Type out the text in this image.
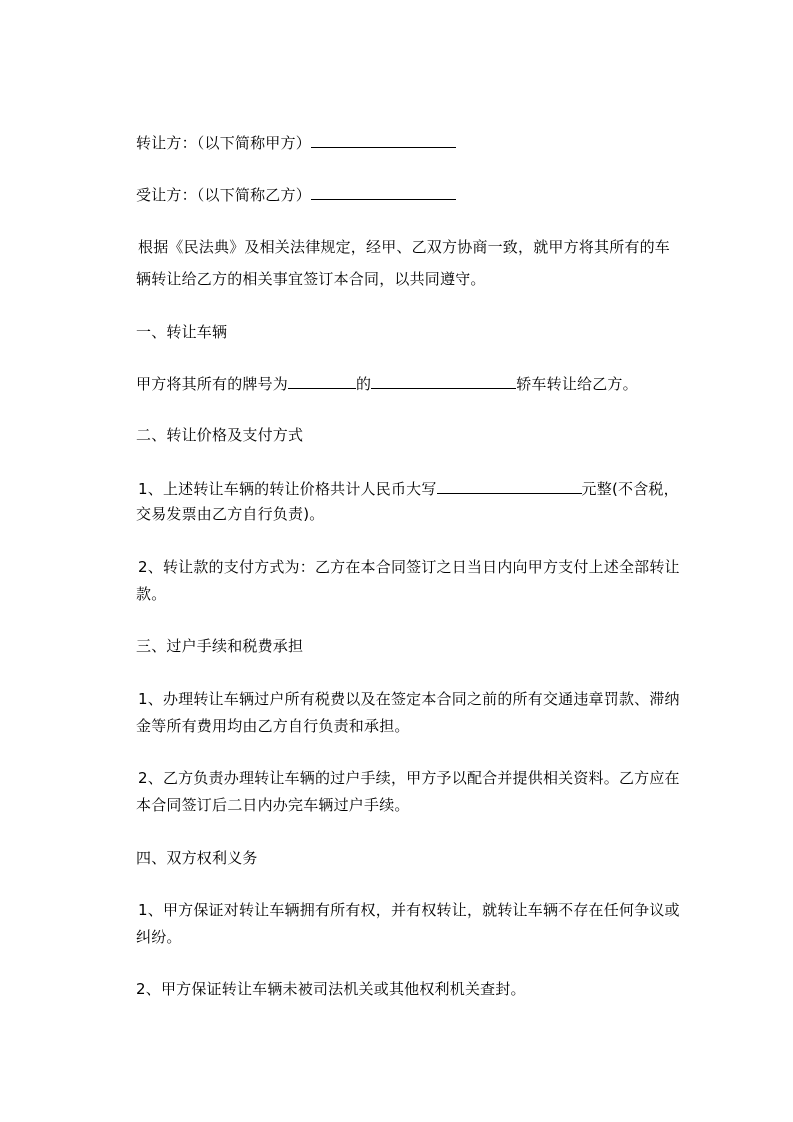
转让方：（以下简称甲方）
受让方：（以下简称乙方）
根据《民法典》及相关法律规定，经甲、乙双方协商一致，就甲方将其所有的车
辆转让给乙方的相关事宜签订本合同，以共同遵守。
一、转让车辆
甲方将其所有的牌号为	的	轿车转让给乙方。
二、转让价格及支付方式
1、上述转让车辆的转让价格共计人民币大写	元整(不含税，
交易发票由乙方自行负责)。
2、转让款的支付方式为：乙方在本合同签订之日当日内向甲方支付上述全部转让
款。
三、过户手续和税费承担
1、办理转让车辆过户所有税费以及在签定本合同之前的所有交通违章罚款、滞纳
金等所有费用均由乙方自行负责和承担。
2、乙方负责办理转让车辆的过户手续，甲方予以配合并提供相关资料。乙方应在
本合同签订后二日内办完车辆过户手续。
四、双方权利义务
1、甲方保证对转让车辆拥有所有权，并有权转让，就转让车辆不存在任何争议或
纠纷。
2、甲方保证转让车辆未被司法机关或其他权利机关查封。
